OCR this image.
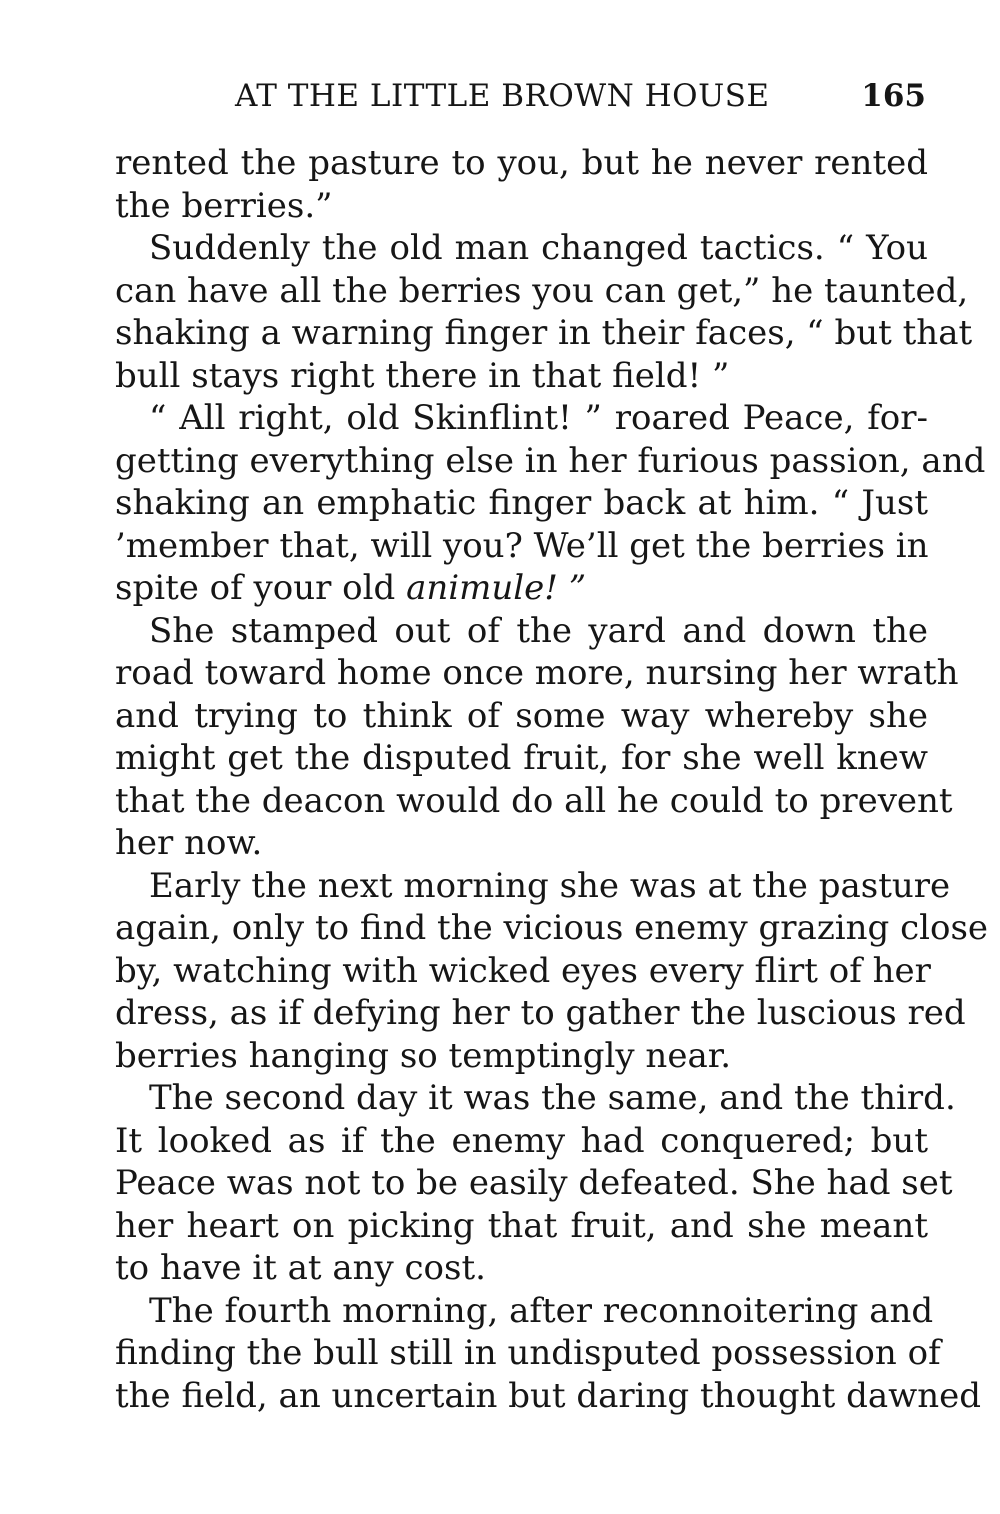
AT THE LITTLE BROWN HOUSE	165
rented the pasture to you, but he never rented
the berries.”
Suddenly the old man changed tactics. “ You
can have all the berries you can get,” he taunted,
shaking a warning finger in their faces, “ but that
bull stays right there in that field! ”
“ All right, old Skinflint! ” roared Peace, for-
getting everything else in her furious passion, and
shaking an emphatic finger back at him. “ Just
’member that, will you? We’ll get the berries in
spite of your old animule! ”
She stamped out of the yard and down the
road toward home once more, nursing her wrath
and trying to think of some way whereby she
might get the disputed fruit, for she well knew
that the deacon would do all he could to prevent
her now.
Early the next morning she was at the pasture
again, only to find the vicious enemy grazing close
by, watching with wicked eyes every flirt of her
dress, as if defying her to gather the luscious red
berries hanging so temptingly near.
The second day it was the same, and the third.
It looked as if the enemy had conquered; but
Peace was not to be easily defeated. She had set
her heart on picking that fruit, and she meant
to have it at any cost.
The fourth morning, after reconnoitering and
finding the bull still in undisputed possession of
the field, an uncertain but daring thought dawned
